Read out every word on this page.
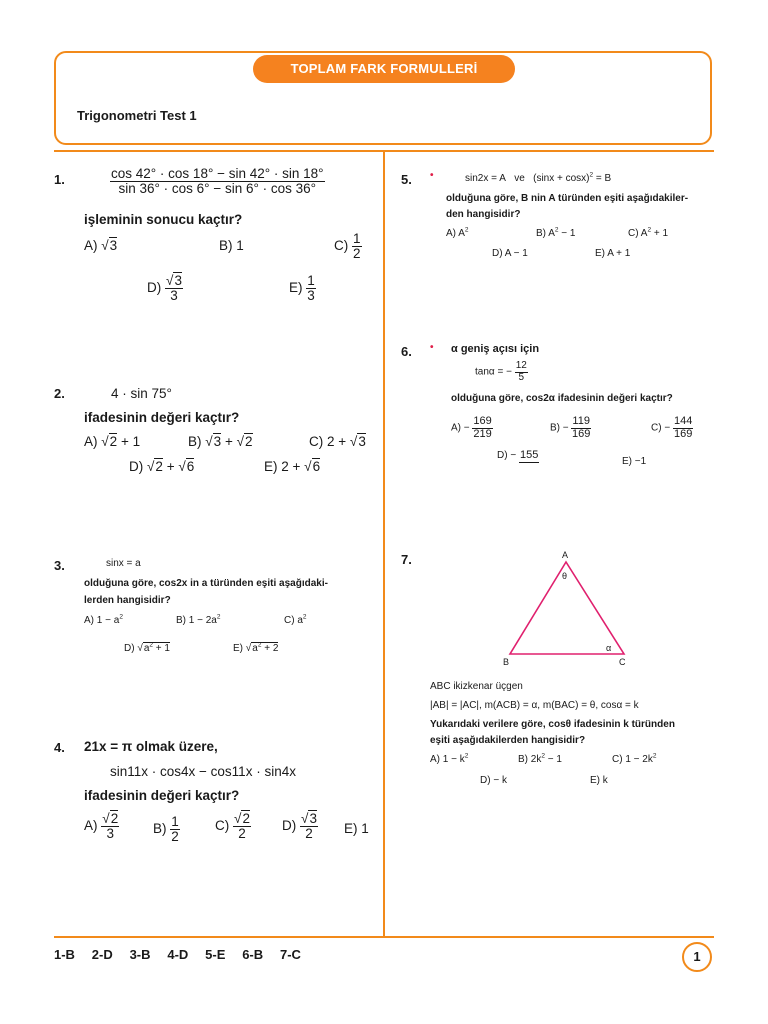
TOPLAM FARK FORMULLERİ
Trigonometri Test 1
1.	$\frac{\cos 42^\circ \cdot \cos 18^\circ - \sin 42^\circ \cdot \sin 18^\circ}{\sin 36^\circ \cdot \cos 6^\circ - \sin 6^\circ \cdot \cos 36^\circ}$
işleminin sonucu kaçtır?
A) √3	B) 1	$C) \frac{1}{2}$
$D) \frac{√3}{3}$	$E) \frac{1}{3}$
2.	4 · sin 75°
ifadesinin değeri kaçtır?
A) √2 + 1	B) √3 + √2	C) 2 + √3
D) √2 + √6	E) 2 + √6
3.	sinx = a
olduğuna göre, cos2x in a türünden eşiti aşağıdaki-
lerden hangisidir?
A) $1 - a^2$	B) $1 - 2a^2$	C) $a^2$
D) $√a^2 + 1$	E) $√a^2 + 2$
4. 21x = π olmak üzere,
sin11x · cos4x − cos11x · sin4x
ifadesinin değeri kaçtır?
$A) \frac{√2}{3}$	$B) \frac{1}{2}$	$C) \frac{√2}{2} D) \frac{√3}{2} E$) 1
5. •	sin2x = A ve $(\sin x + \cos x)^2 = B$
olduğuna göre, B nin A türünden eşiti aşağıdakiler-
den hangisidir?
A) $A^2$	B) $A^2 - 1$	C) $A^2 + 1$
D) A − 1	E) A + 1
6. • α geniş açısı için
tanα = − $\frac{12}{5}$
olduğuna göre, cos2α ifadesinin değeri kaçtır?
$A) - \frac{169}{219}$	$B) - \frac{119}{169}$	$C) - \frac{144}{169}$
D) − 155
E) −1
7.	A
B	C
θ
α
ABC ikizkenar üçgen
|AB| = |AC|, m(ACB) = α, m(BAC) = θ, cosα = k
Yukarıdaki verilere göre, cosθ ifadesinin k türünden
eşiti aşağıdakilerden hangisidir?
A) $1 - k^2$	B) $2k^2 - 1$	C) $1 - 2k^2$
D) − k	E) k
1-B   2-D   3-B   4-D   5-E   6-B   7-C	1
